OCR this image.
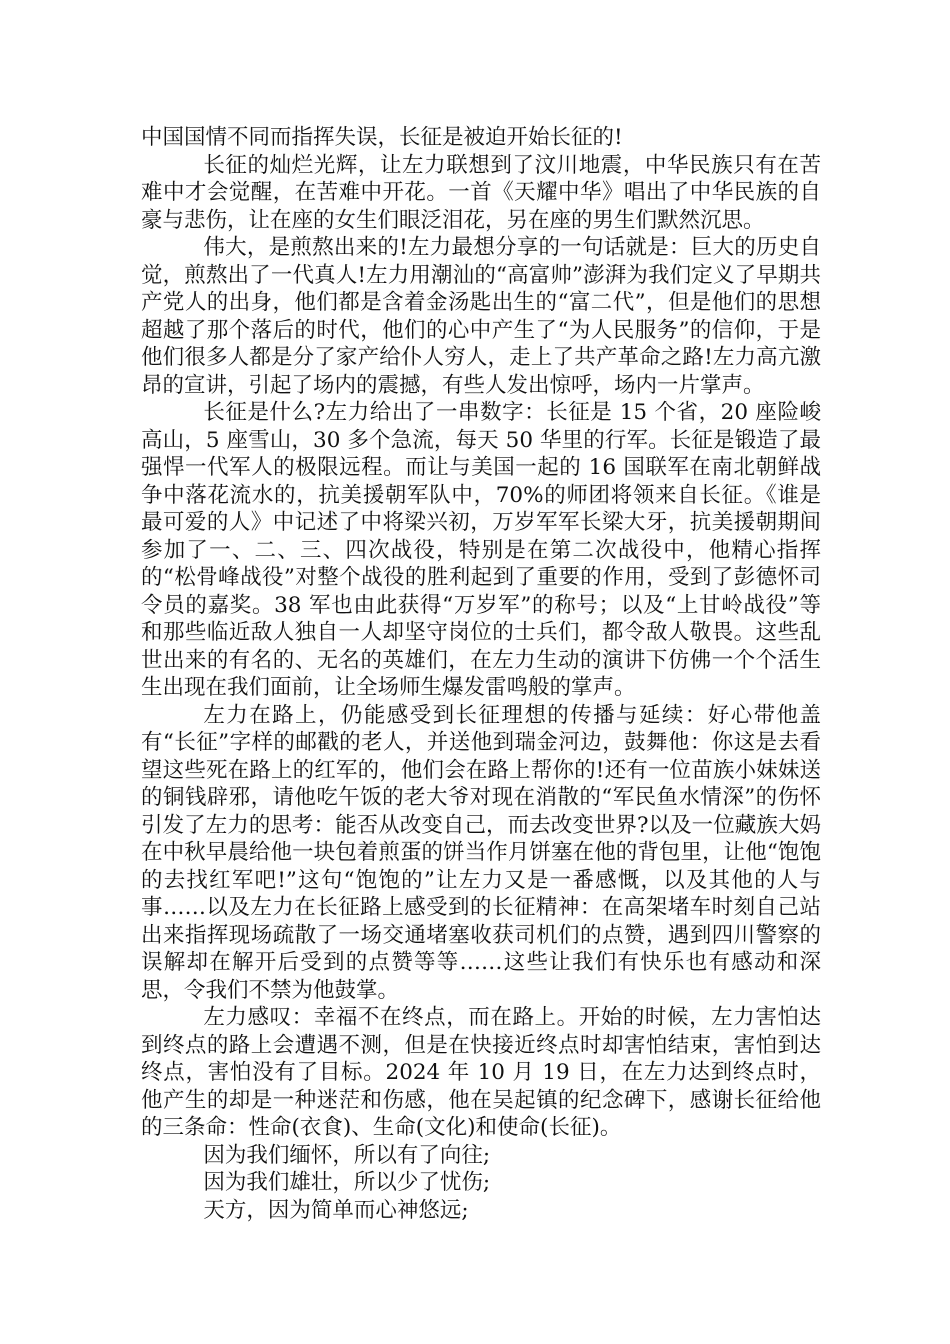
中国国情不同而指挥失误，长征是被迫开始长征的!

长征的灿烂光辉，让左力联想到了汶川地震，中华民族只有在苦难中才会觉醒，在苦难中开花。一首《天耀中华》唱出了中华民族的自豪与悲伤，让在座的女生们眼泛泪花，另在座的男生们默然沉思。

伟大，是煎熬出来的!左力最想分享的一句话就是：巨大的历史自觉，煎熬出了一代真人!左力用潮汕的“高富帅”澎湃为我们定义了早期共产党人的出身，他们都是含着金汤匙出生的“富二代”，但是他们的思想超越了那个落后的时代，他们的心中产生了“为人民服务”的信仰，于是他们很多人都是分了家产给仆人穷人，走上了共产革命之路!左力高亢激昂的宣讲，引起了场内的震撼，有些人发出惊呼，场内一片掌声。

长征是什么?左力给出了一串数字：长征是 15 个省，20 座险峻高山，5 座雪山，30 多个急流，每天 50 华里的行军。长征是锻造了最强悍一代军人的极限远程。而让与美国一起的 16 国联军在南北朝鲜战争中落花流水的，抗美援朝军队中，70%的师团将领来自长征。《谁是最可爱的人》中记述了中将梁兴初，万岁军军长梁大牙，抗美援朝期间参加了一、二、三、四次战役，特别是在第二次战役中，他精心指挥的“松骨峰战役”对整个战役的胜利起到了重要的作用，受到了彭德怀司令员的嘉奖。38 军也由此获得“万岁军”的称号；以及“上甘岭战役”等和那些临近敌人独自一人却坚守岗位的士兵们，都令敌人敬畏。这些乱世出来的有名的、无名的英雄们，在左力生动的演讲下仿佛一个个活生生出现在我们面前，让全场师生爆发雷鸣般的掌声。

左力在路上，仍能感受到长征理想的传播与延续：好心带他盖有“长征”字样的邮戳的老人，并送他到瑞金河边，鼓舞他：你这是去看望这些死在路上的红军的，他们会在路上帮你的!还有一位苗族小妹妹送的铜钱辟邪，请他吃午饭的老大爷对现在消散的“军民鱼水情深”的伤怀引发了左力的思考：能否从改变自己，而去改变世界?以及一位藏族大妈在中秋早晨给他一块包着煎蛋的饼当作月饼塞在他的背包里，让他“饱饱的去找红军吧!”这句“饱饱的”让左力又是一番感慨，以及其他的人与事……以及左力在长征路上感受到的长征精神：在高架堵车时刻自己站出来指挥现场疏散了一场交通堵塞收获司机们的点赞，遇到四川警察的误解却在解开后受到的点赞等等……这些让我们有快乐也有感动和深思，令我们不禁为他鼓掌。

左力感叹：幸福不在终点，而在路上。开始的时候，左力害怕达到终点的路上会遭遇不测，但是在快接近终点时却害怕结束，害怕到达终点，害怕没有了目标。2024 年 10 月 19 日，在左力达到终点时，他产生的却是一种迷茫和伤感，他在吴起镇的纪念碑下，感谢长征给他的三条命：性命(衣食)、生命(文化)和使命(长征)。

因为我们缅怀，所以有了向往;

因为我们雄壮，所以少了忧伤;

天方，因为简单而心神悠远;
